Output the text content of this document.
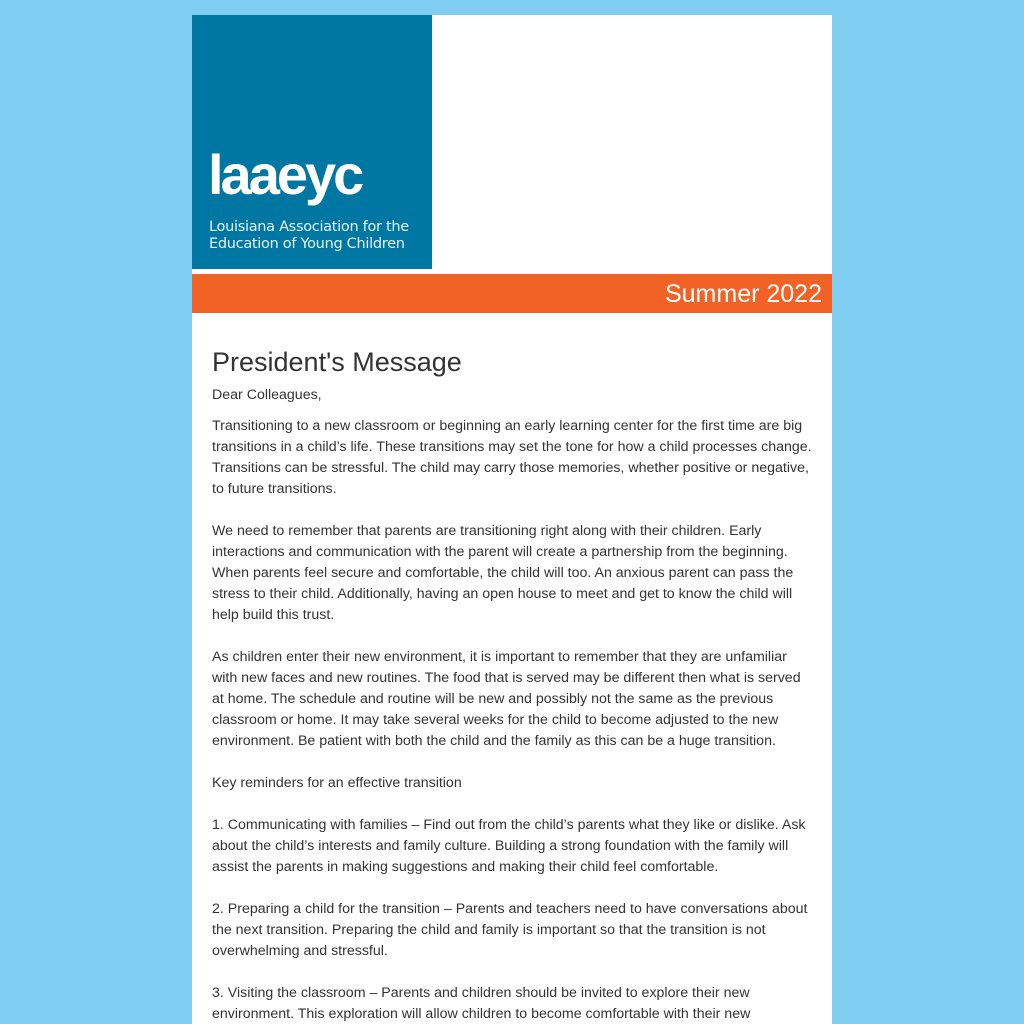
laaeyc
Louisiana Association for the
Education of Young Children
Summer 2022
President's Message

Dear Colleagues,

Transitioning to a new classroom or beginning an early learning center for the first time are big transitions in a child’s life. These transitions may set the tone for how a child processes change. Transitions can be stressful. The child may carry those memories, whether positive or negative, to future transitions.

We need to remember that parents are transitioning right along with their children. Early interactions and communication with the parent will create a partnership from the beginning. When parents feel secure and comfortable, the child will too. An anxious parent can pass the stress to their child. Additionally, having an open house to meet and get to know the child will help build this trust.

As children enter their new environment, it is important to remember that they are unfamiliar with new faces and new routines. The food that is served may be different then what is served at home. The schedule and routine will be new and possibly not the same as the previous classroom or home. It may take several weeks for the child to become adjusted to the new environment. Be patient with both the child and the family as this can be a huge transition.

Key reminders for an effective transition

1. Communicating with families – Find out from the child’s parents what they like or dislike. Ask about the child’s interests and family culture. Building a strong foundation with the family will assist the parents in making suggestions and making their child feel comfortable.

2. Preparing a child for the transition – Parents and teachers need to have conversations about the next transition. Preparing the child and family is important so that the transition is not overwhelming and stressful.

3. Visiting the classroom – Parents and children should be invited to explore their new environment. This exploration will allow children to become comfortable with their new
